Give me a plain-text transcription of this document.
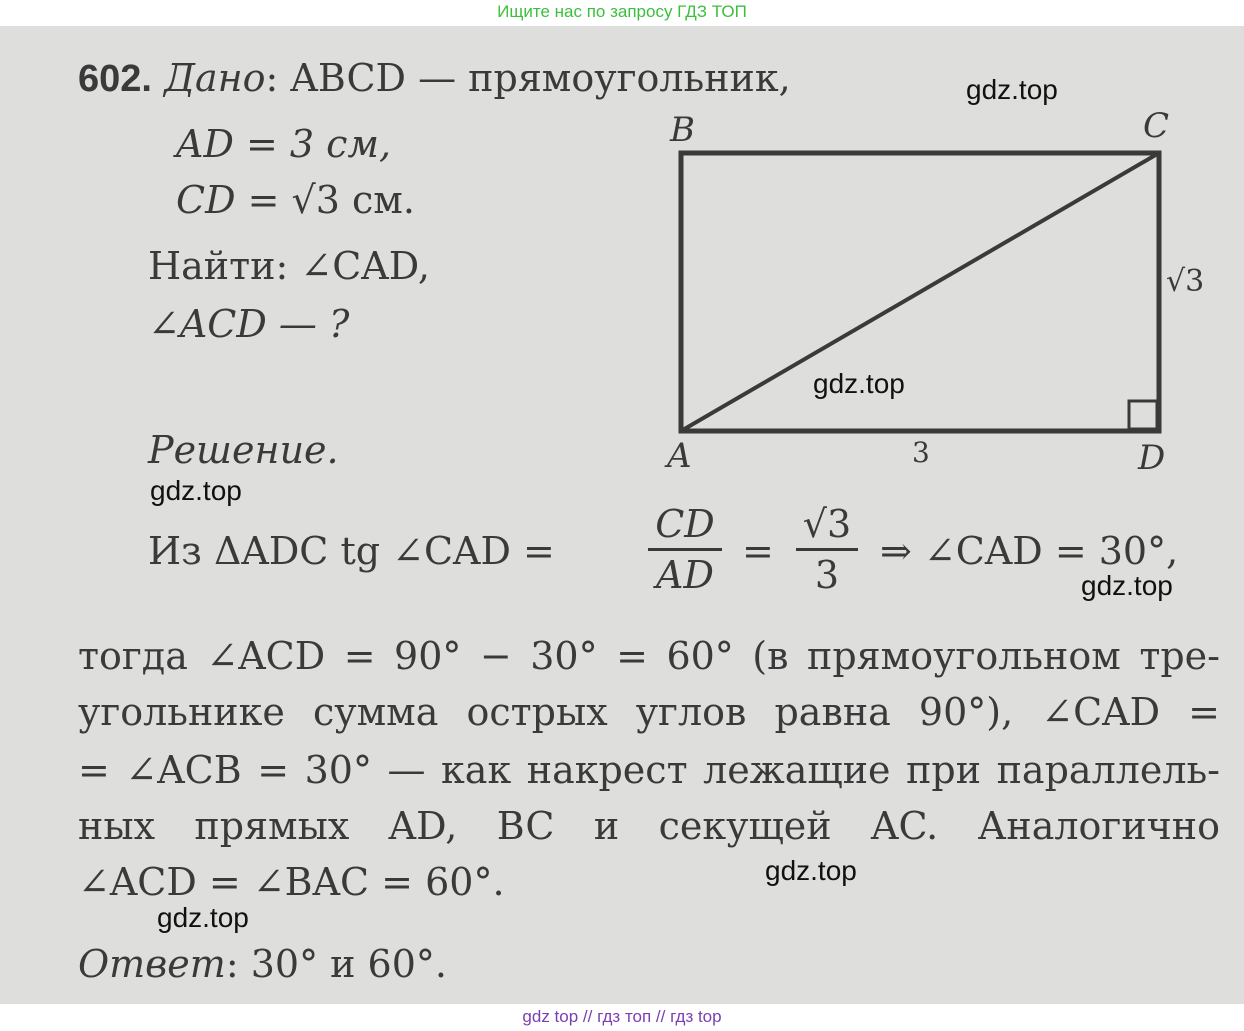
Ищите нас по запросу ГДЗ ТОП
602. Дано: ABCD — прямоугольник,
AD = 3 см,
CD = √3 см.
Найти: ∠CAD,
∠ACD — ?
B	C
A	D
3
√3
Решение.
Из ΔADC tg ∠CAD =
CD
AD
=
√3
3
⇒ ∠CAD = 30°,
тогда ∠ACD = 90° − 30° = 60° (в прямоугольном тре-
угольнике сумма острых углов равна 90°), ∠CAD =
= ∠ACB = 30° — как накрест лежащие при параллель-
ных прямых AD, BC и секущей AC. Аналогично
∠ACD = ∠BAC = 60°.
Ответ: 30° и 60°.
gdz.top
gdz.top
gdz.top
gdz.top
gdz.top
gdz.top
gdz top // гдз топ // гдз top
